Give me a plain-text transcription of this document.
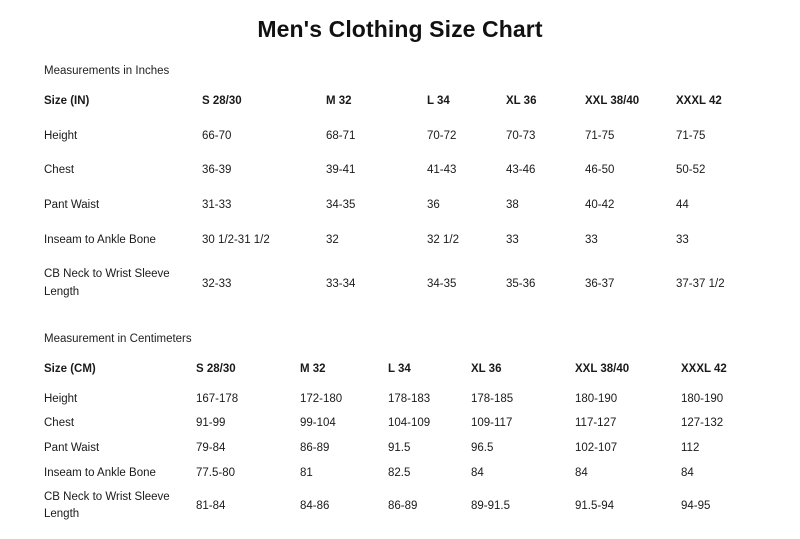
Men's Clothing Size Chart
Measurements in Inches
Size (IN)	S 28/30	M 32	L 34	XL 36	XXL 38/40	XXXL 42
Height	66-70	68-71	70-72	70-73	71-75	71-75
Chest	36-39	39-41	41-43	43-46	46-50	50-52
Pant Waist	31-33	34-35	36	38	40-42	44
Inseam to Ankle Bone	30 1/2-31 1/2	32	32 1/2	33	33	33

CB Neck to Wrist Sleeve Length	32-33	33-34	34-35	35-36	36-37	37-37 1/2
Measurement in Centimeters
Size (CM)	S 28/30	M 32	L 34	XL 36	XXL 38/40	XXXL 42
Height	167-178	172-180	178-183	178-185	180-190	180-190
Chest	91-99	99-104	104-109	109-117	117-127	127-132
Pant Waist	79-84	86-89	91.5	96.5	102-107	112
Inseam to Ankle Bone	77.5-80	81	82.5	84	84	84

CB Neck to Wrist Sleeve Length	81-84	84-86	86-89	89-91.5	91.5-94	94-95
